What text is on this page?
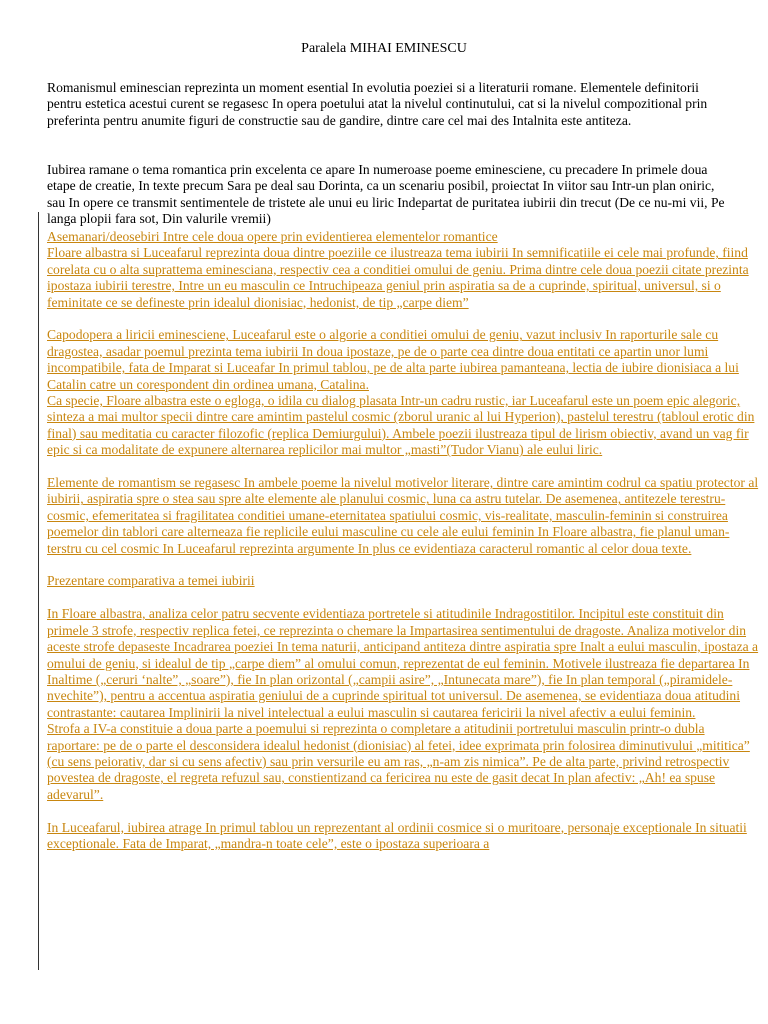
Paralela MIHAI EMINESCU

Romanismul eminescian reprezinta un moment esential In evolutia poeziei si a literaturii romane. Elementele definitorii pentru estetica acestui curent se regasesc In opera poetului atat la nivelul continutului, cat si la nivelul compozitional prin preferinta pentru anumite figuri de constructie sau de gandire, dintre care cel mai des Intalnita este antiteza.

Iubirea ramane o tema romantica prin excelenta ce apare In numeroase poeme eminesciene, cu precadere In primele doua etape de creatie, In texte precum Sara pe deal sau Dorinta, ca un scenariu posibil, proiectat In viitor sau Intr-un plan oniric, sau In opere ce transmit sentimentele de tristete ale unui eu liric Indepartat de puritatea iubirii din trecut (De ce nu-mi vii, Pe langa plopii fara sot, Din valurile vremii)

Asemanari/deosebiri Intre cele doua opere prin evidentierea elementelor romantice

Floare albastra si Luceafarul reprezinta doua dintre poeziile ce ilustreaza tema iubirii In semnificatiile ei cele mai profunde, fiind corelata cu o alta suprattema eminesciana, respectiv cea a conditiei omului de geniu. Prima dintre cele doua poezii citate prezinta ipostaza iubirii terestre, Intre un eu masculin ce Intruchipeaza geniul prin aspiratia sa de a cuprinde, spiritual, universul, si o feminitate ce se defineste prin idealul dionisiac, hedonist, de tip „carpe diem”

Capodopera a liricii eminesciene, Luceafarul este o algorie a conditiei omului de geniu, vazut inclusiv In raporturile sale cu dragostea, asadar poemul prezinta tema iubirii In doua ipostaze, pe de o parte cea dintre doua entitati ce apartin unor lumi incompatibile, fata de Imparat si Luceafar In primul tablou, pe de alta parte iubirea pamanteana, lectia de iubire dionisiaca a lui Catalin catre un corespondent din ordinea umana, Catalina.

Ca specie, Floare albastra este o egloga, o idila cu dialog plasata Intr-un cadru rustic, iar Luceafarul este un poem epic alegoric, sinteza a mai multor specii dintre care amintim pastelul cosmic (zborul uranic al lui Hyperion), pastelul terestru (tabloul erotic din final) sau meditatia cu caracter filozofic (replica Demiurgului). Ambele poezii ilustreaza tipul de lirism obiectiv, avand un vag fir epic si ca modalitate de expunere alternarea replicilor mai multor „masti”(Tudor Vianu) ale eului liric.

Elemente de romantism se regasesc In ambele poeme la nivelul motivelor literare, dintre care amintim codrul ca spatiu protector al iubirii, aspiratia spre o stea sau spre alte elemente ale planului cosmic, luna ca astru tutelar. De asemenea, antitezele terestru-cosmic, efemeritatea si fragilitatea conditiei umane-eternitatea spatiului cosmic, vis-realitate, masculin-feminin si construirea poemelor din tablori care alterneaza fie replicile eului masculine cu cele ale eului feminin In Floare albastra, fie planul uman-terstru cu cel cosmic In Luceafarul reprezinta argumente In plus ce evidentiaza caracterul romantic al celor doua texte.

Prezentare comparativa a temei iubirii

In Floare albastra, analiza celor patru secvente evidentiaza portretele si atitudinile Indragostitilor. Incipitul este constituit din primele 3 strofe, respectiv replica fetei, ce reprezinta o chemare la Impartasirea sentimentului de dragoste. Analiza motivelor din aceste strofe depaseste Incadrarea poeziei In tema naturii, anticipand antiteza dintre aspiratia spre Inalt a eului masculin, ipostaza a omului de geniu, si idealul de tip „carpe diem” al omului comun, reprezentat de eul feminin. Motivele ilustreaza fie departarea In Inaltime („ceruri ‘nalte”, „soare”), fie In plan orizontal („campii asire”, „Intunecata mare”), fie In plan temporal („piramidele-nvechite”), pentru a accentua aspiratia geniului de a cuprinde spiritual tot universul. De asemenea, se evidentiaza doua atitudini contrastante: cautarea Implinirii la nivel intelectual a eului masculin si cautarea fericirii la nivel afectiv a eului feminin.

Strofa a IV-a constituie a doua parte a poemului si reprezinta o completare a atitudinii portretului masculin printr-o dubla raportare: pe de o parte el desconsidera idealul hedonist (dionisiac) al fetei, idee exprimata prin folosirea diminutivului „mititica” (cu sens peiorativ, dar si cu sens afectiv) sau prin versurile eu am ras, „n-am zis nimica”. Pe de alta parte, privind retrospectiv povestea de dragoste, el regreta refuzul sau, constientizand ca fericirea nu este de gasit decat In plan afectiv: „Ah! ea spuse adevarul”.

In Luceafarul, iubirea atrage In primul tablou un reprezentant al ordinii cosmice si o muritoare, personaje exceptionale In situatii exceptionale. Fata de Imparat, „mandra-n toate cele”, este o ipostaza superioara a
